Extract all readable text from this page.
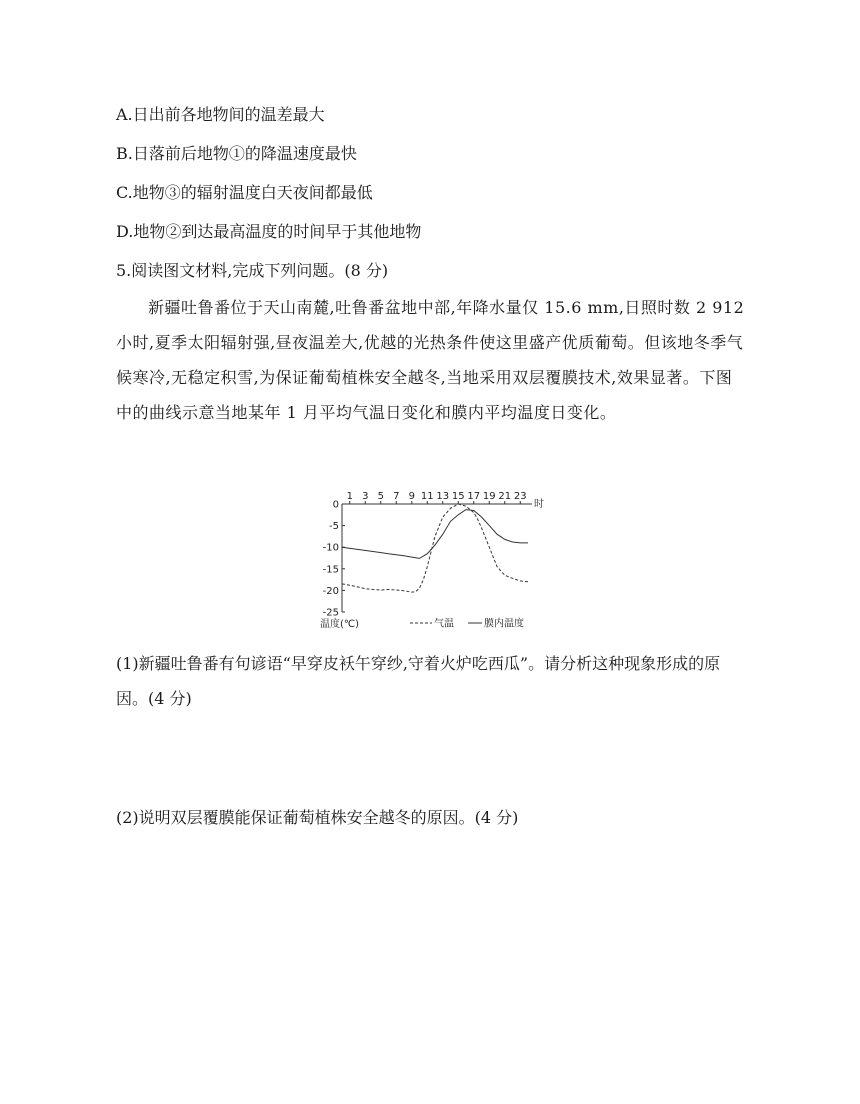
A.日出前各地物间的温差最大
B.日落前后地物①的降温速度最快
C.地物③的辐射温度白天夜间都最低
D.地物②到达最高温度的时间早于其他地物
5.阅读图文材料,完成下列问题。(8 分)

新疆吐鲁番位于天山南麓,吐鲁番盆地中部,年降水量仅 15.6 mm,日照时数 2 912 小时,夏季太阳辐射强,昼夜温差大,优越的光热条件使这里盛产优质葡萄。但该地冬季气候寒冷,无稳定积雪,为保证葡萄植株安全越冬,当地采用双层覆膜技术,效果显著。下图中的曲线示意当地某年 1 月平均气温日变化和膜内平均温度日变化。

1 3 5 7 9 11 13 15 17 19 21 23
时
0
-5
-10
-15
-20
-25
温度(℃)	气温	膜内温度

(1)新疆吐鲁番有句谚语“早穿皮袄午穿纱,守着火炉吃西瓜”。请分析这种现象形成的原因。(4 分)

(2)说明双层覆膜能保证葡萄植株安全越冬的原因。(4 分)
